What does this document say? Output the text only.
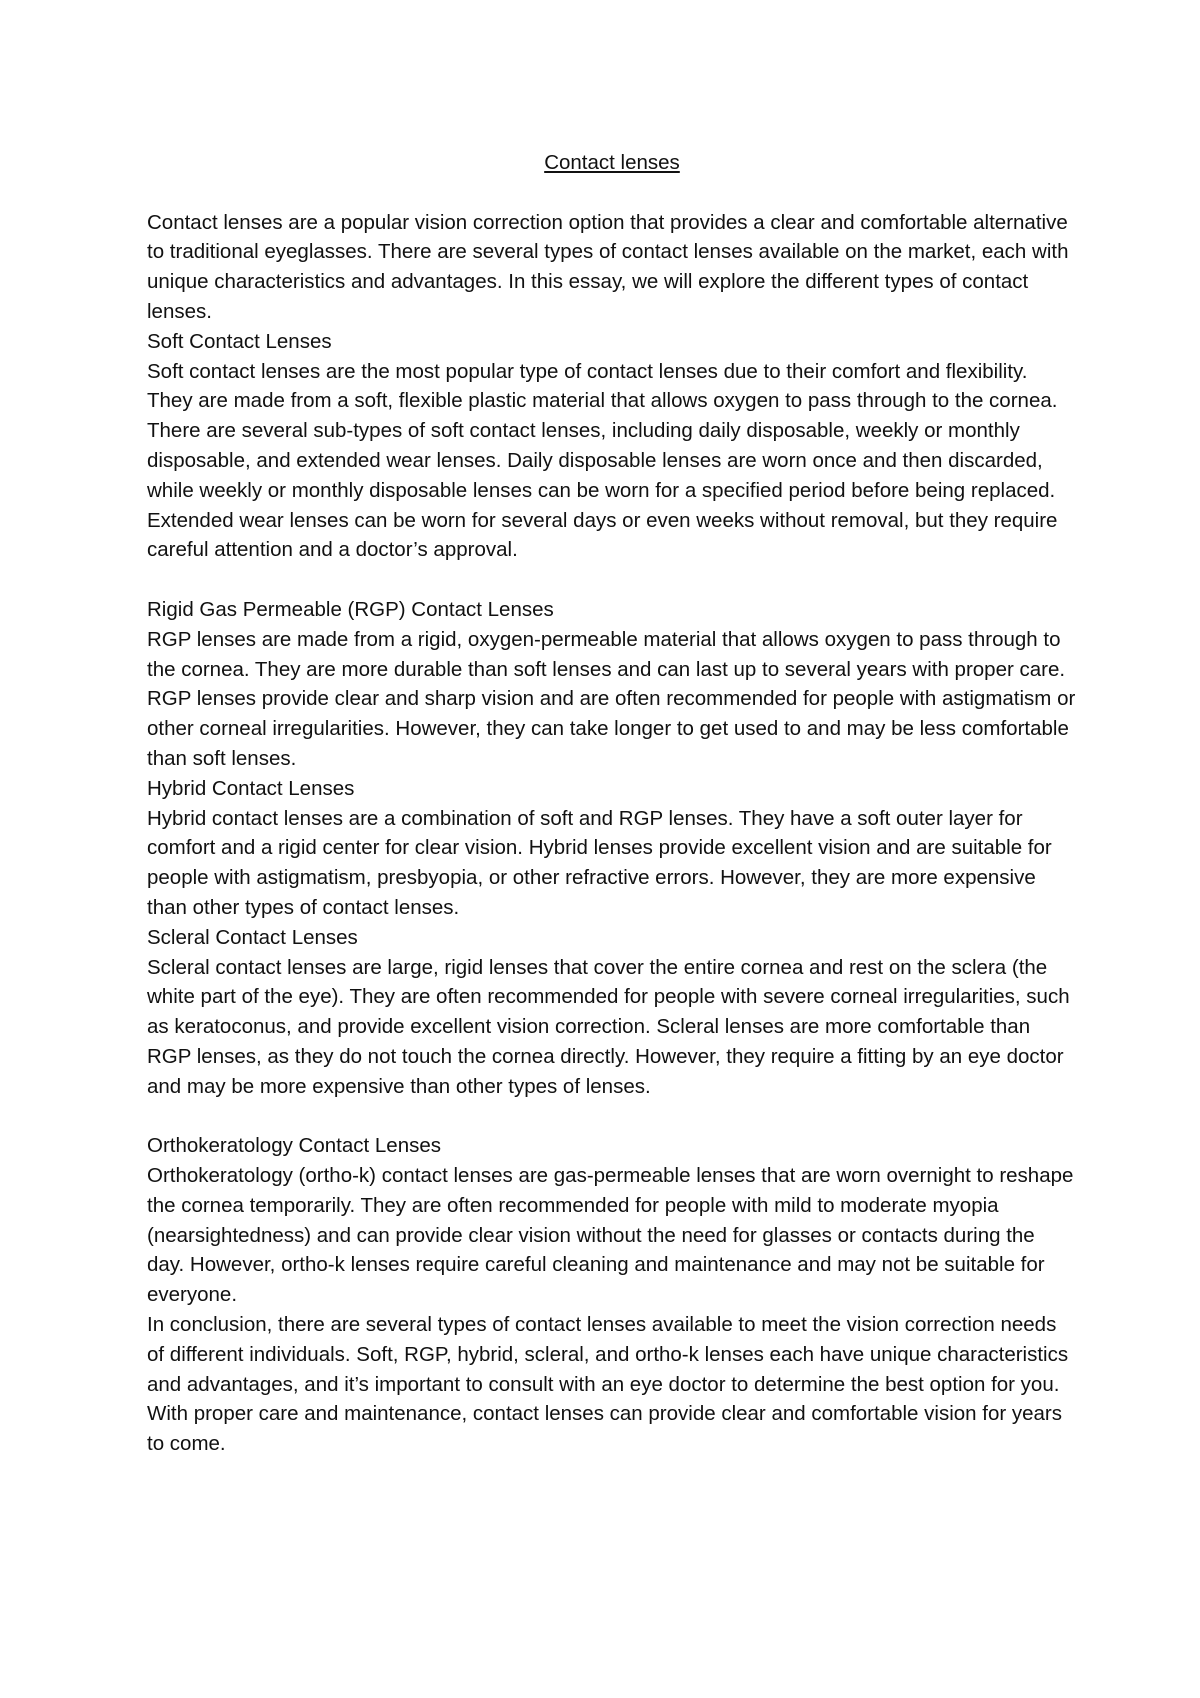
Contact lenses

Contact lenses are a popular vision correction option that provides a clear and comfortable alternative to traditional eyeglasses. There are several types of contact lenses available on the market, each with unique characteristics and advantages. In this essay, we will explore the different types of contact lenses.

Soft Contact Lenses

Soft contact lenses are the most popular type of contact lenses due to their comfort and flexibility. They are made from a soft, flexible plastic material that allows oxygen to pass through to the cornea. There are several sub-types of soft contact lenses, including daily disposable, weekly or monthly disposable, and extended wear lenses. Daily disposable lenses are worn once and then discarded, while weekly or monthly disposable lenses can be worn for a specified period before being replaced. Extended wear lenses can be worn for several days or even weeks without removal, but they require careful attention and a doctor’s approval.

Rigid Gas Permeable (RGP) Contact Lenses

RGP lenses are made from a rigid, oxygen-permeable material that allows oxygen to pass through to the cornea. They are more durable than soft lenses and can last up to several years with proper care. RGP lenses provide clear and sharp vision and are often recommended for people with astigmatism or other corneal irregularities. However, they can take longer to get used to and may be less comfortable than soft lenses.

Hybrid Contact Lenses

Hybrid contact lenses are a combination of soft and RGP lenses. They have a soft outer layer for comfort and a rigid center for clear vision. Hybrid lenses provide excellent vision and are suitable for people with astigmatism, presbyopia, or other refractive errors. However, they are more expensive than other types of contact lenses.

Scleral Contact Lenses

Scleral contact lenses are large, rigid lenses that cover the entire cornea and rest on the sclera (the white part of the eye). They are often recommended for people with severe corneal irregularities, such as keratoconus, and provide excellent vision correction. Scleral lenses are more comfortable than RGP lenses, as they do not touch the cornea directly. However, they require a fitting by an eye doctor and may be more expensive than other types of lenses.

Orthokeratology Contact Lenses

Orthokeratology (ortho-k) contact lenses are gas-permeable lenses that are worn overnight to reshape the cornea temporarily. They are often recommended for people with mild to moderate myopia (nearsightedness) and can provide clear vision without the need for glasses or contacts during the day. However, ortho-k lenses require careful cleaning and maintenance and may not be suitable for everyone.

In conclusion, there are several types of contact lenses available to meet the vision correction needs of different individuals. Soft, RGP, hybrid, scleral, and ortho-k lenses each have unique characteristics and advantages, and it’s important to consult with an eye doctor to determine the best option for you. With proper care and maintenance, contact lenses can provide clear and comfortable vision for years to come.
